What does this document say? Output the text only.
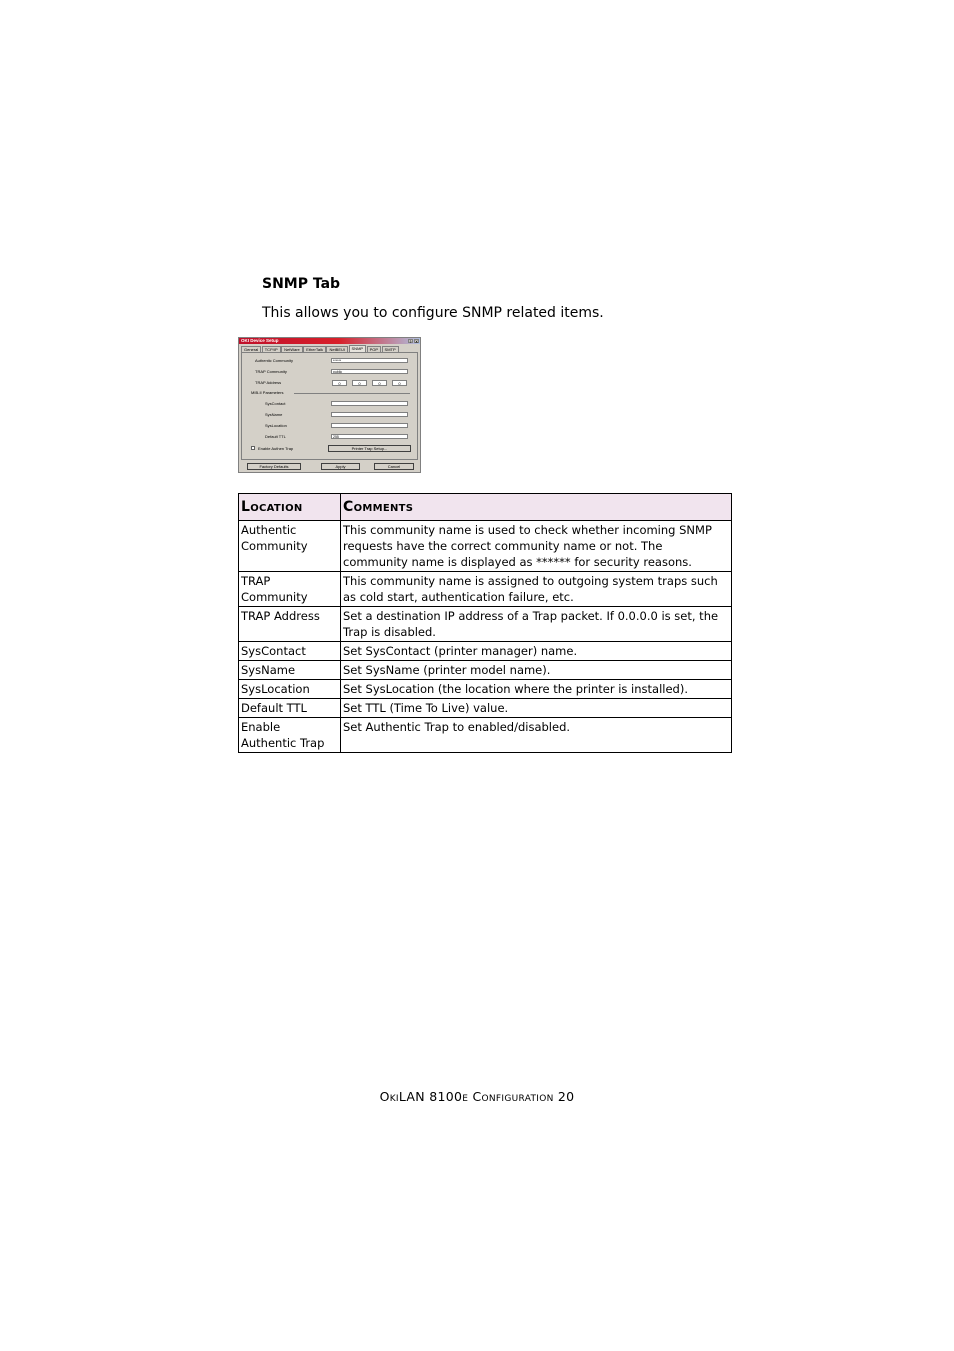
SNMP Tab
This allows you to configure SNMP related items.
OKI Device Setup	?	X
General	TCP/IP	NetWare	EtherTalk	NetBEUI	SNMP	POP	SMTP
Authentic Community	******
TRAP Community	public
TRAP Address	0	0	0	0
MIB-II Parameters
SysContact
SysName
SysLocation
Default TTL	255
Enable Authen Trap	Printer Trap Setup...
Factory Defaults	Apply	Cancel
Location	Comments
Authentic Community	This community name is used to check whether incoming SNMP requests have the correct community name or not. The community name is displayed as ****** for security reasons.
TRAP Community	This community name is assigned to outgoing system traps such as cold start, authentication failure, etc.
TRAP Address	Set a destination IP address of a Trap packet. If 0.0.0.0 is set, the Trap is disabled.
SysContact	Set SysContact (printer manager) name.
SysName	Set SysName (printer model name).
SysLocation	Set SysLocation (the location where the printer is installed).
Default TTL	Set TTL (Time To Live) value.
Enable Authentic Trap	Set Authentic Trap to enabled/disabled.
OkiLAN 8100e Configuration 20
